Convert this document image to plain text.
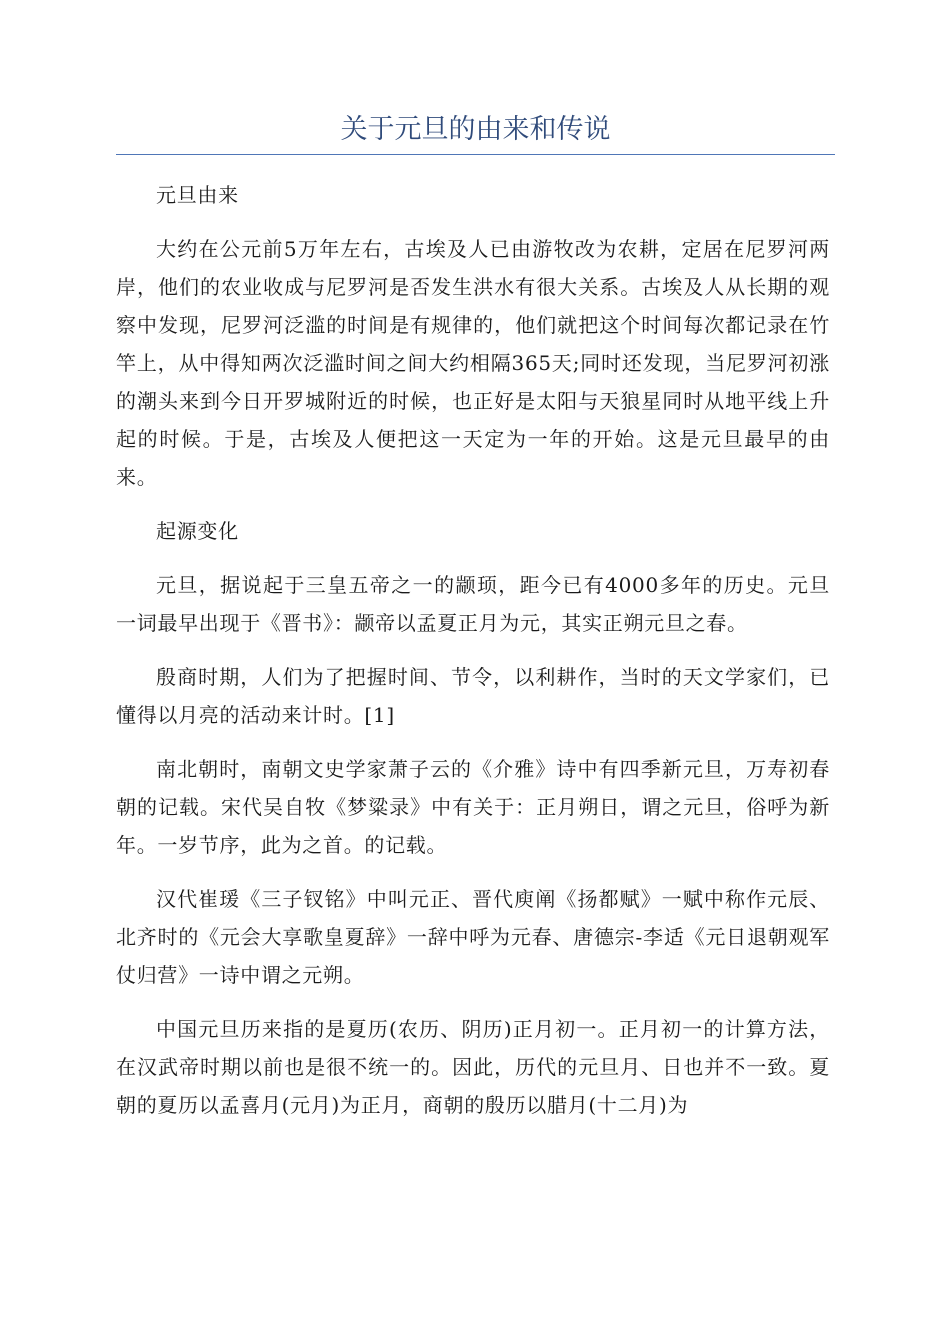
关于元旦的由来和传说

元旦由来

大约在公元前5万年左右，古埃及人已由游牧改为农耕，定居在尼罗河两岸，他们的农业收成与尼罗河是否发生洪水有很大关系。古埃及人从长期的观察中发现，尼罗河泛滥的时间是有规律的，他们就把这个时间每次都记录在竹竿上，从中得知两次泛滥时间之间大约相隔365天;同时还发现，当尼罗河初涨的潮头来到今日开罗城附近的时候，也正好是太阳与天狼星同时从地平线上升起的时候。于是，古埃及人便把这一天定为一年的开始。这是元旦最早的由来。

起源变化

元旦，据说起于三皇五帝之一的颛顼，距今已有4000多年的历史。元旦一词最早出现于《晋书》：颛帝以孟夏正月为元，其实正朔元旦之春。

殷商时期，人们为了把握时间、节令，以利耕作，当时的天文学家们，已懂得以月亮的活动来计时。[1]

南北朝时，南朝文史学家萧子云的《介雅》诗中有四季新元旦，万寿初春朝的记载。宋代吴自牧《梦粱录》中有关于：正月朔日，谓之元旦，俗呼为新年。一岁节序，此为之首。的记载。

汉代崔瑗《三子钗铭》中叫元正、晋代庾阐《扬都赋》一赋中称作元辰、北齐时的《元会大享歌皇夏辞》一辞中呼为元春、唐德宗-李适《元日退朝观军仗归营》一诗中谓之元朔。

中国元旦历来指的是夏历(农历、阴历)正月初一。正月初一的计算方法，在汉武帝时期以前也是很不统一的。因此，历代的元旦月、日也并不一致。夏朝的夏历以孟喜月(元月)为正月，商朝的殷历以腊月(十二月)为
